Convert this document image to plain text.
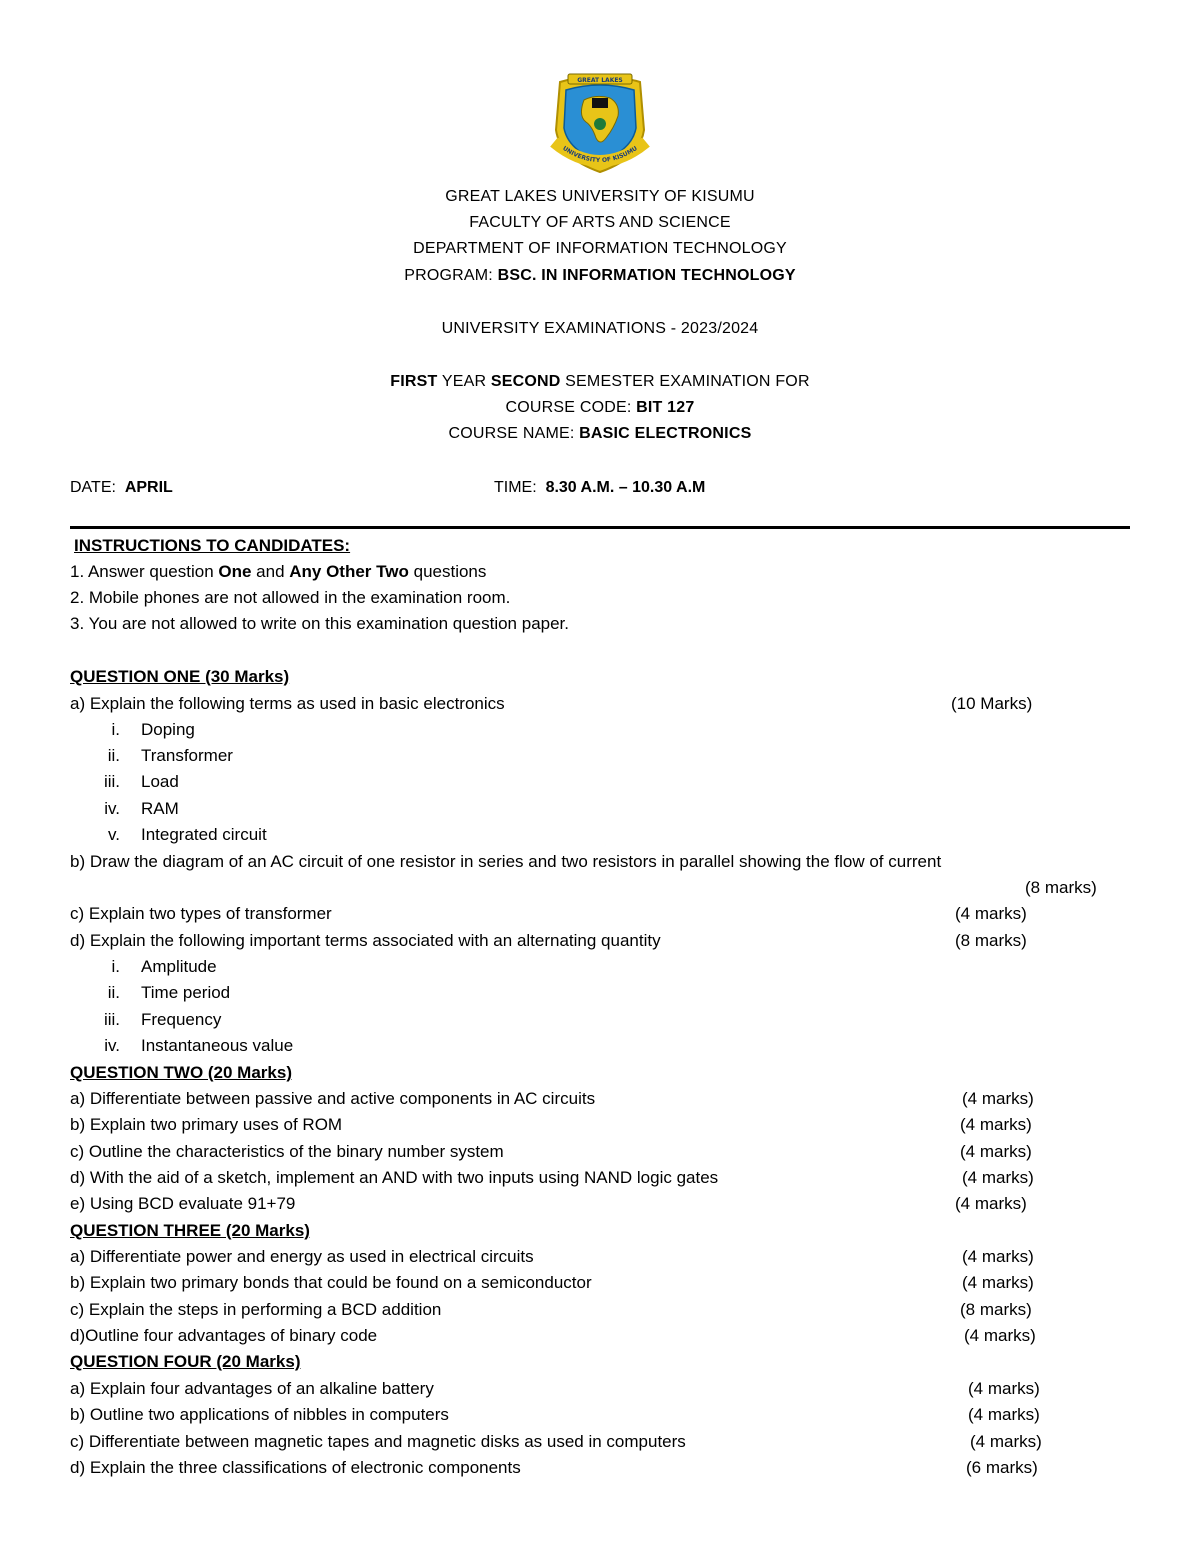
GREAT LAKES
UNIVERSITY OF KISUMU
GREAT LAKES UNIVERSITY OF KISUMU
FACULTY OF ARTS AND SCIENCE
DEPARTMENT OF INFORMATION TECHNOLOGY
PROGRAM: BSC. IN INFORMATION TECHNOLOGY
UNIVERSITY EXAMINATIONS - 2023/2024
FIRST YEAR SECOND SEMESTER EXAMINATION FOR
COURSE CODE: BIT 127
COURSE NAME: BASIC ELECTRONICS
DATE: APRIL	TIME: 8.30 A.M. – 10.30 A.M
INSTRUCTIONS TO CANDIDATES:
1. Answer question One and Any Other Two questions
2. Mobile phones are not allowed in the examination room.
3. You are not allowed to write on this examination question paper.
QUESTION ONE (30 Marks)
a) Explain the following terms as used in basic electronics	(10 Marks)
i. Doping
ii. Transformer
iii. Load
iv. RAM
v. Integrated circuit
b) Draw the diagram of an AC circuit of one resistor in series and two resistors in parallel showing the flow of current
(8 marks)
c) Explain two types of transformer	(4 marks)
d) Explain the following important terms associated with an alternating quantity	(8 marks)
i. Amplitude
ii. Time period
iii. Frequency
iv. Instantaneous value
QUESTION TWO (20 Marks)
a) Differentiate between passive and active components in AC circuits	(4 marks)
b) Explain two primary uses of ROM	(4 marks)
c) Outline the characteristics of the binary number system	(4 marks)
d) With the aid of a sketch, implement an AND with two inputs using NAND logic gates	(4 marks)
e) Using BCD evaluate 91+79	(4 marks)
QUESTION THREE (20 Marks)
a) Differentiate power and energy as used in electrical circuits	(4 marks)
b) Explain two primary bonds that could be found on a semiconductor	(4 marks)
c) Explain the steps in performing a BCD addition	(8 marks)
d)Outline four advantages of binary code	(4 marks)
QUESTION FOUR (20 Marks)
a) Explain four advantages of an alkaline battery	(4 marks)
b) Outline two applications of nibbles in computers	(4 marks)
c) Differentiate between magnetic tapes and magnetic disks as used in computers	(4 marks)
d) Explain the three classifications of electronic components	(6 marks)
